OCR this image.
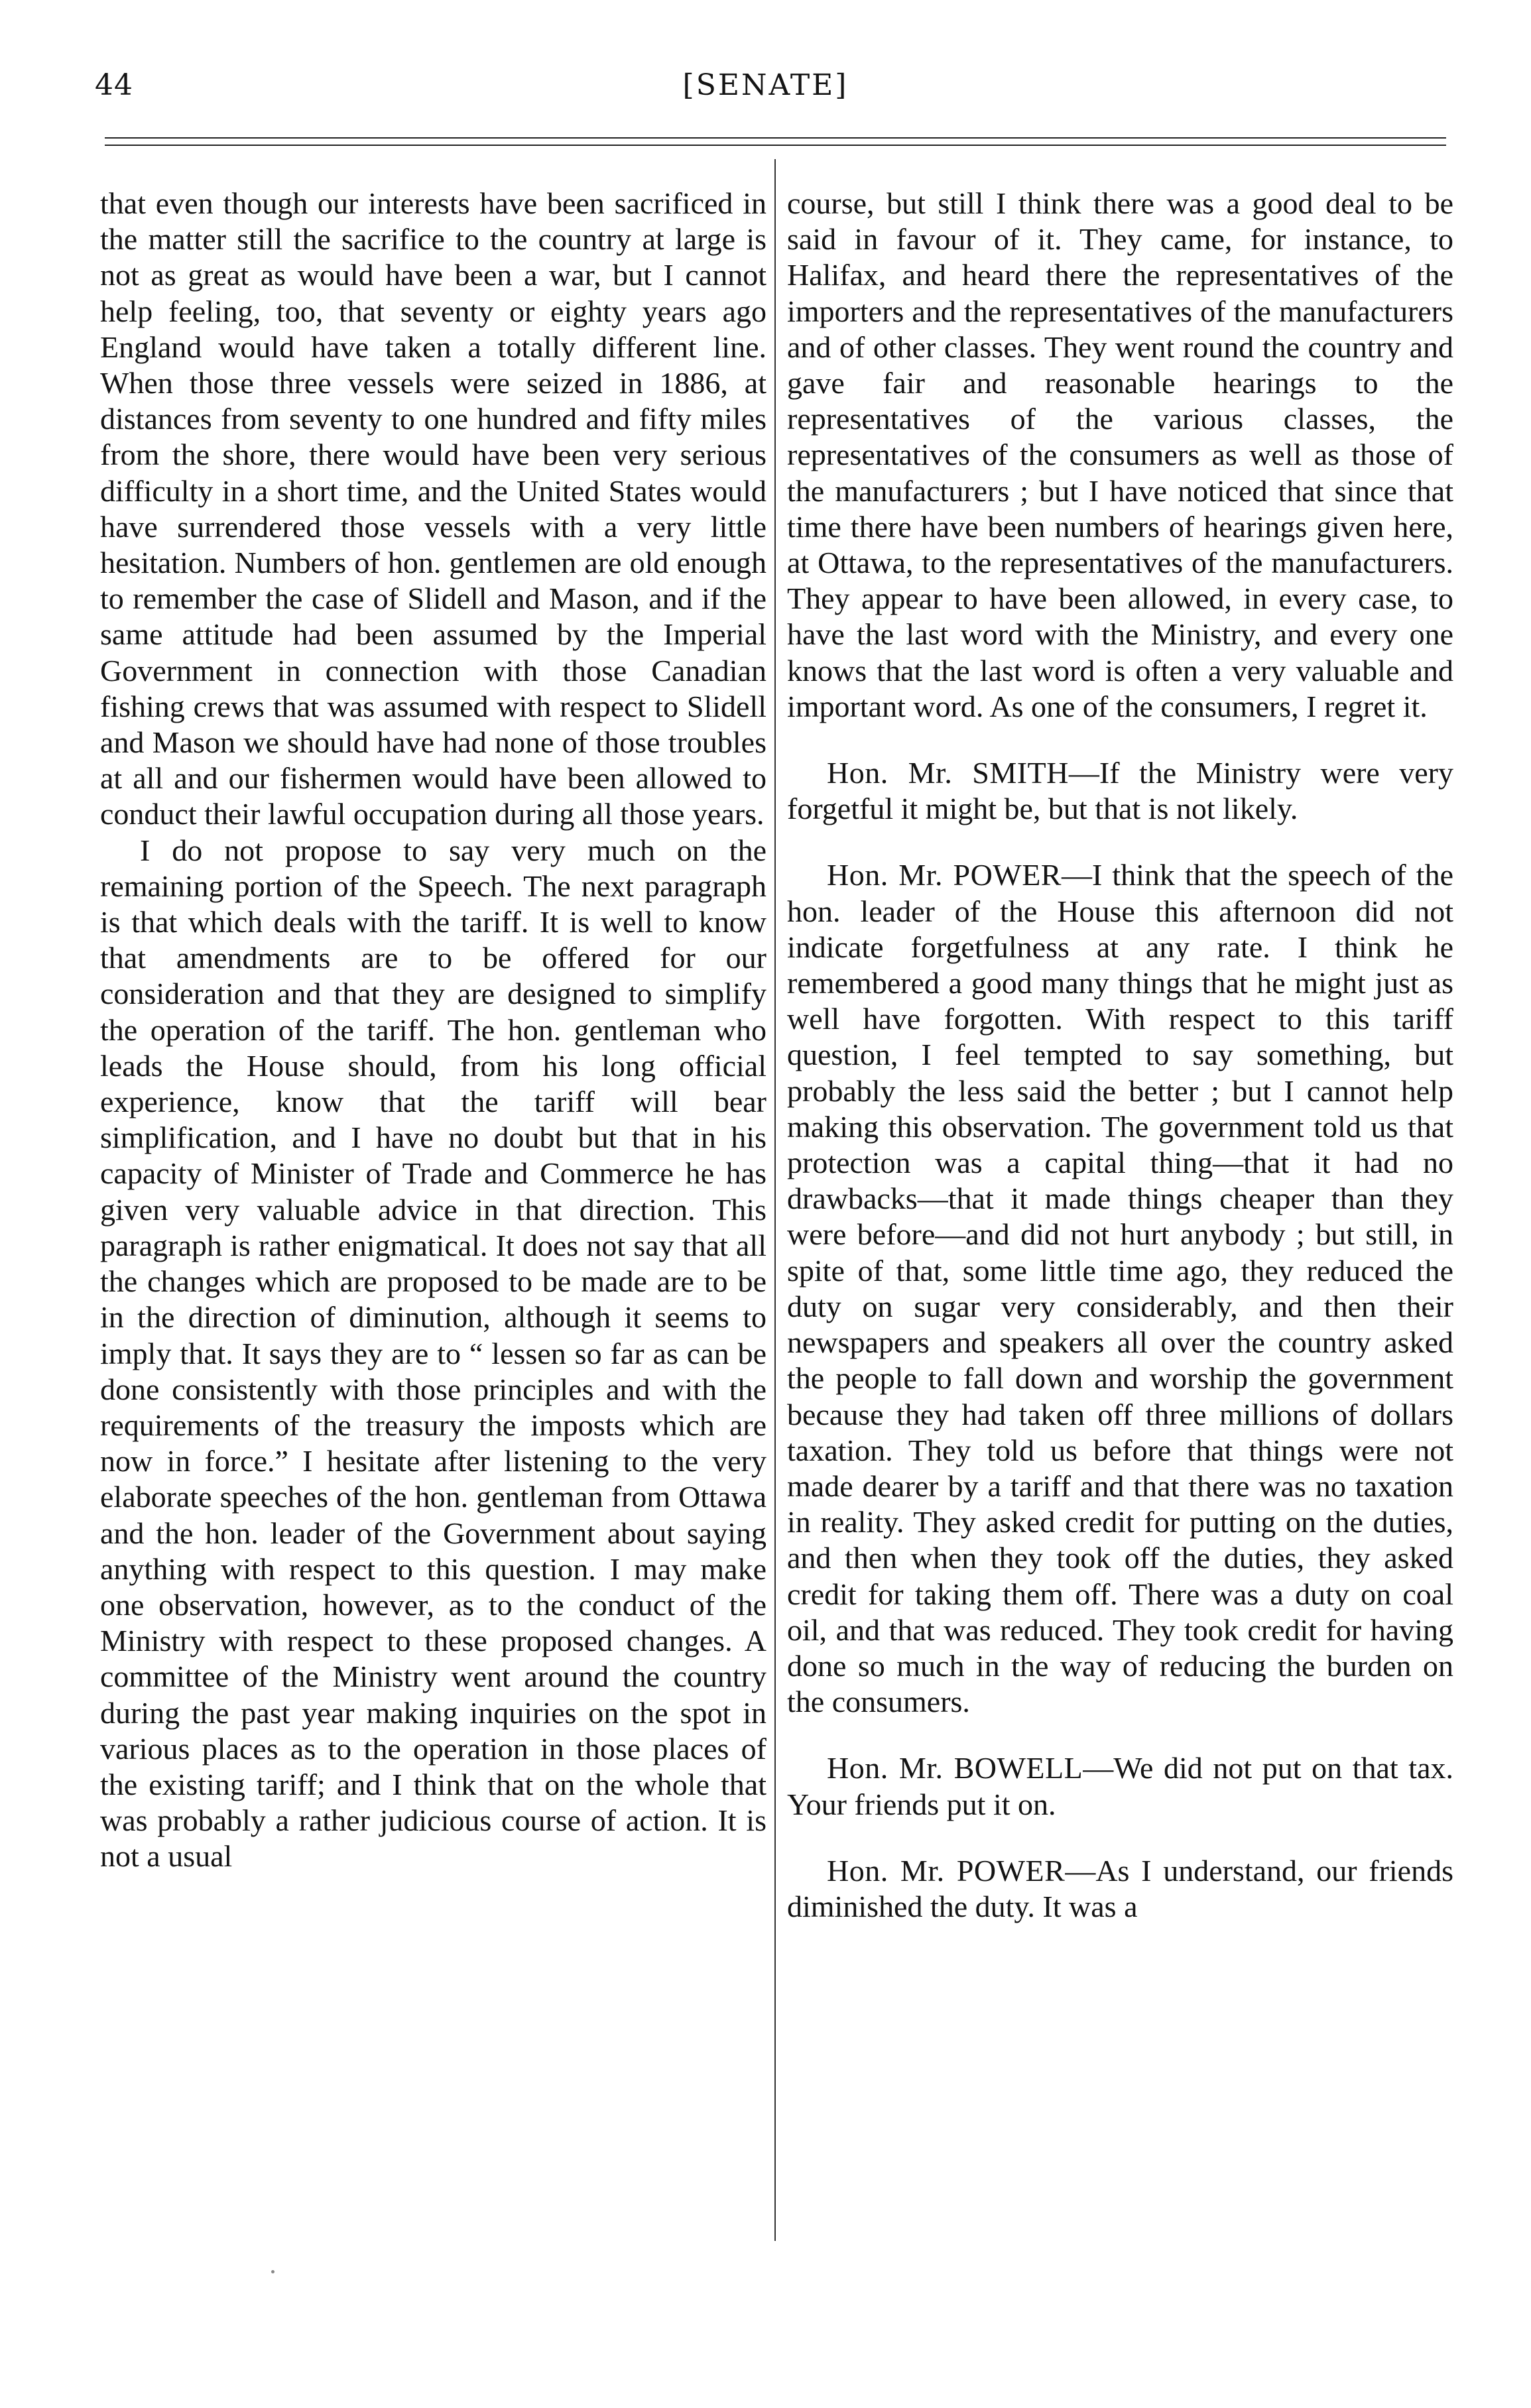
44	[SENATE]

that even though our interests have been sacrificed in the matter still the sacrifice to the country at large is not as great as would have been a war, but I cannot help feeling, too, that seventy or eighty years ago England would have taken a totally different line. When those three vessels were seized in 1886, at distances from seventy to one hundred and fifty miles from the shore, there would have been very serious difficulty in a short time, and the United States would have surrendered those vessels with a very little hesitation. Numbers of hon. gentlemen are old enough to remember the case of Slidell and Mason, and if the same attitude had been assumed by the Imperial Government in connection with those Canadian fishing crews that was assumed with respect to Slidell and Mason we should have had none of those troubles at all and our fishermen would have been allowed to conduct their lawful occupation during all those years.

I do not propose to say very much on the remaining portion of the Speech. The next paragraph is that which deals with the tariff. It is well to know that amendments are to be offered for our consideration and that they are designed to simplify the operation of the tariff. The hon. gentleman who leads the House should, from his long official experience, know that the tariff will bear simplification, and I have no doubt but that in his capacity of Minister of Trade and Commerce he has given very valuable advice in that direction. This paragraph is rather enigmatical. It does not say that all the changes which are proposed to be made are to be in the direction of diminution, although it seems to imply that. It says they are to “ lessen so far as can be done consistently with those principles and with the requirements of the treasury the imposts which are now in force.” I hesitate after listening to the very elaborate speeches of the hon. gentleman from Ottawa and the hon. leader of the Government about saying anything with respect to this question. I may make one observation, however, as to the conduct of the Ministry with respect to these proposed changes. A committee of the Ministry went around the country during the past year making inquiries on the spot in various places as to the operation in those places of the existing tariff; and I think that on the whole that was probably a rather judicious course of action. It is not a usual

course, but still I think there was a good deal to be said in favour of it. They came, for instance, to Halifax, and heard there the representatives of the importers and the representatives of the manufacturers and of other classes. They went round the country and gave fair and reasonable hearings to the representatives of the various classes, the representatives of the consumers as well as those of the manufacturers ; but I have noticed that since that time there have been numbers of hearings given here, at Ottawa, to the representatives of the manufacturers. They appear to have been allowed, in every case, to have the last word with the Ministry, and every one knows that the last word is often a very valuable and important word. As one of the consumers, I regret it.

Hon. Mr. SMITH—If the Ministry were very forgetful it might be, but that is not likely.

Hon. Mr. POWER—I think that the speech of the hon. leader of the House this afternoon did not indicate forgetfulness at any rate. I think he remembered a good many things that he might just as well have forgotten. With respect to this tariff question, I feel tempted to say something, but probably the less said the better ; but I cannot help making this observation. The government told us that protection was a capital thing—that it had no drawbacks—that it made things cheaper than they were before—and did not hurt anybody ; but still, in spite of that, some little time ago, they reduced the duty on sugar very considerably, and then their newspapers and speakers all over the country asked the people to fall down and worship the government because they had taken off three millions of dollars taxation. They told us before that things were not made dearer by a tariff and that there was no taxation in reality. They asked credit for putting on the duties, and then when they took off the duties, they asked credit for taking them off. There was a duty on coal oil, and that was reduced. They took credit for having done so much in the way of reducing the burden on the consumers.

Hon. Mr. BOWELL—We did not put on that tax. Your friends put it on.

Hon. Mr. POWER—As I understand, our friends diminished the duty. It was a
